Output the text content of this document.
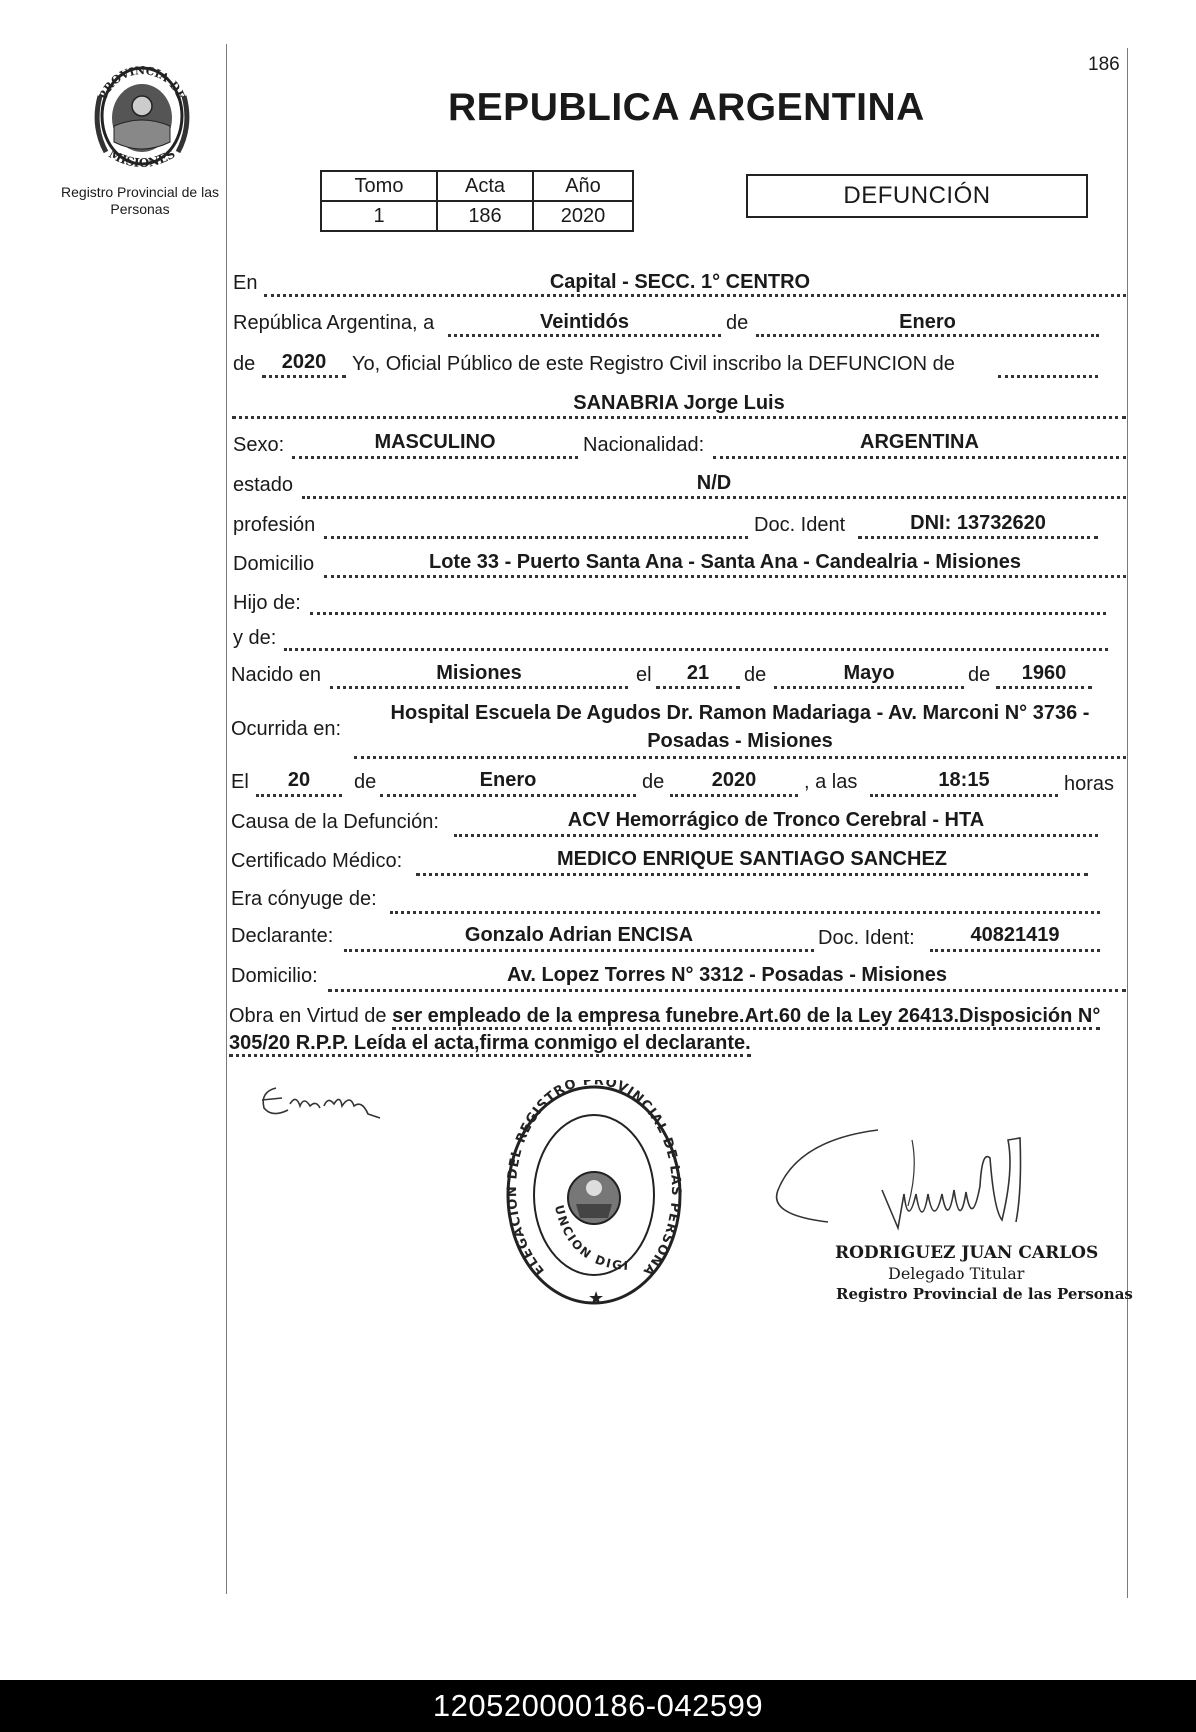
186
REPUBLICA ARGENTINA
PROVINCIA DE
MISIONES
Registro Provincial de las Personas
Tomo	Acta	Año
1	186	2020
DEFUNCIÓN
En	Capital - SECC. 1° CENTRO
República Argentina, a	Veintidós	de	Enero
de	2020	Yo, Oficial Público de este Registro Civil inscribo la DEFUNCION de
SANABRIA Jorge Luis
Sexo:	MASCULINO	Nacionalidad:	ARGENTINA
estado	N/D
profesión	Doc. Ident	DNI: 13732620
Domicilio	Lote 33 - Puerto Santa Ana - Santa Ana - Candealria - Misiones
Hijo de:
y de:
Nacido en	Misiones	el	21	de	Mayo	de	1960
Ocurrida en:
Hospital Escuela De Agudos Dr. Ramon Madariaga - Av. Marconi N° 3736 -
Posadas - Misiones
El	20	de	Enero	de	2020	, a las	18:15	horas
Causa de la Defunción:	ACV Hemorrágico de Tronco Cerebral - HTA
Certificado Médico:	MEDICO ENRIQUE SANTIAGO SANCHEZ
Era cónyuge de:
Declarante:	Gonzalo Adrian ENCISA	Doc. Ident:	40821419
Domicilio:	Av. Lopez Torres N° 3312 - Posadas - Misiones
Obra en Virtud de ser empleado de la empresa funebre.Art.60 de la Ley 26413.Disposición N° 305/20 R.P.P. Leída el acta,firma conmigo el declarante.
Encisa
ELEGACION DEL REGISTRO PROVINCIAL DE LAS PERSONA
UNCION DIGI
★
RODRIGUEZ JUAN CARLOS
Delegado Titular
Registro Provincial de las Personas
120520000186-042599
